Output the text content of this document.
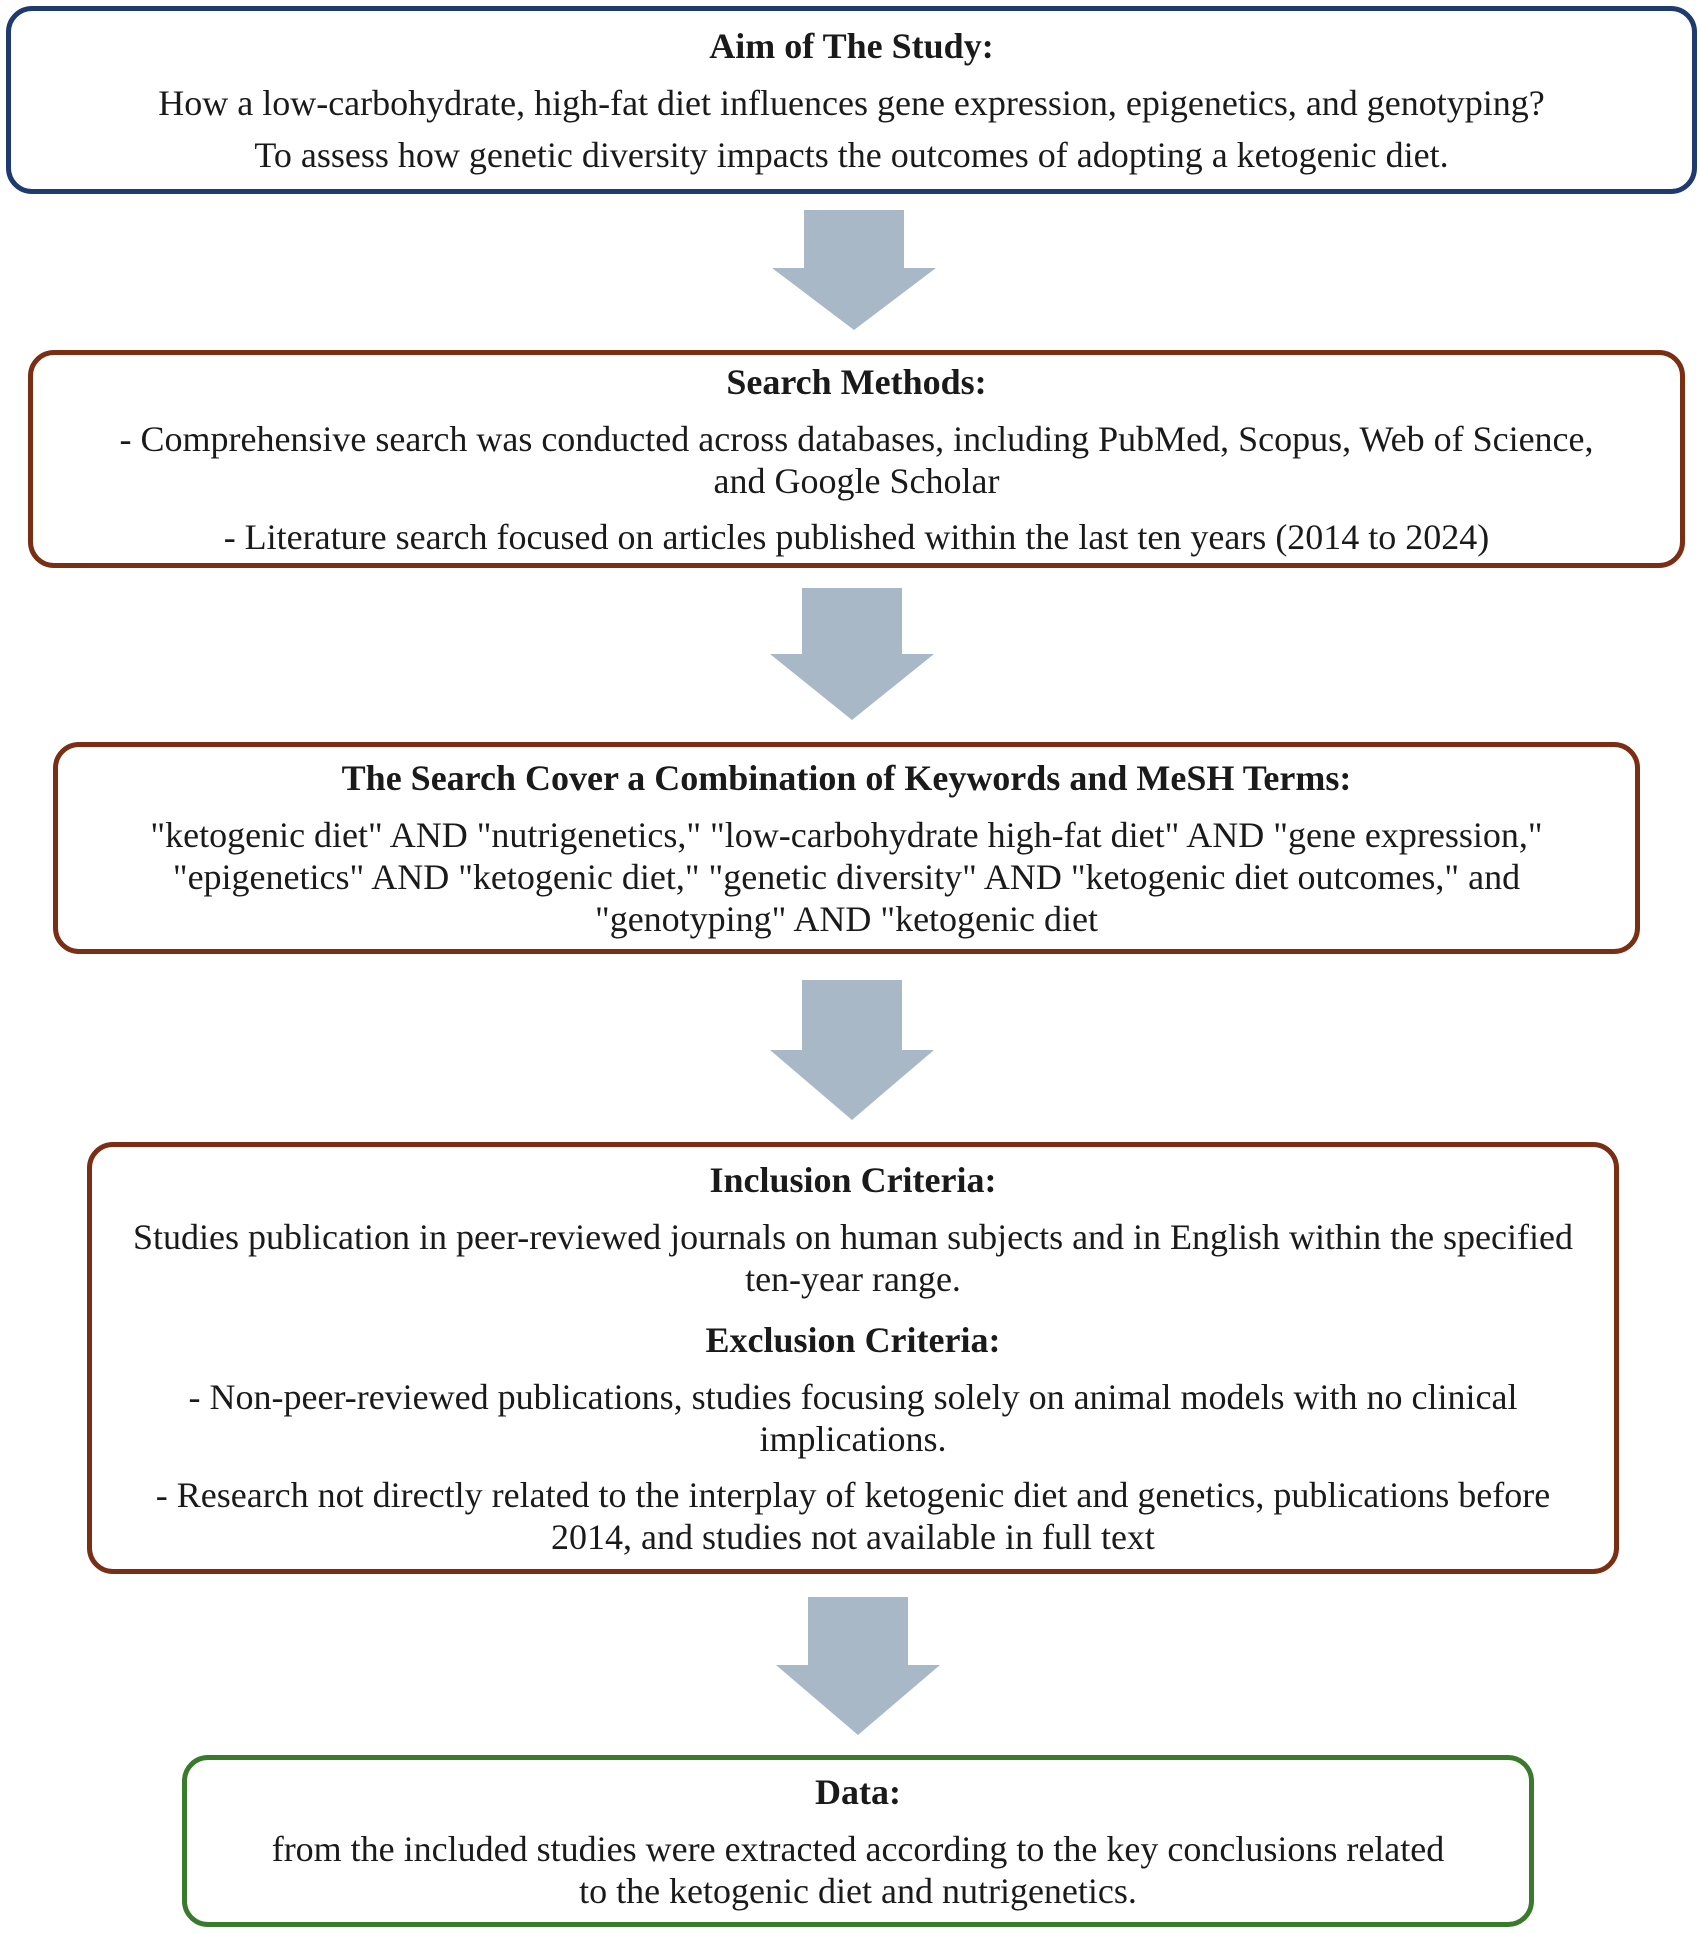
Aim of The Study:
How a low-carbohydrate, high-fat diet influences gene expression, epigenetics, and genotyping?
To assess how genetic diversity impacts the outcomes of adopting a ketogenic diet.
Search Methods:
- Comprehensive search was conducted across databases, including PubMed, Scopus, Web of Science, and Google Scholar
- Literature search focused on articles published within the last ten years (2014 to 2024)
The Search Cover a Combination of Keywords and MeSH Terms:
"ketogenic diet" AND "nutrigenetics," "low-carbohydrate high-fat diet" AND "gene expression," "epigenetics" AND "ketogenic diet," "genetic diversity" AND "ketogenic diet outcomes," and "genotyping" AND "ketogenic diet
Inclusion Criteria:
Studies publication in peer-reviewed journals on human subjects and in English within the specified ten-year range.
Exclusion Criteria:
- Non-peer-reviewed publications, studies focusing solely on animal models with no clinical implications.
- Research not directly related to the interplay of ketogenic diet and genetics, publications before 2014, and studies not available in full text
Data:
from the included studies were extracted according to the key conclusions related to the ketogenic diet and nutrigenetics.
